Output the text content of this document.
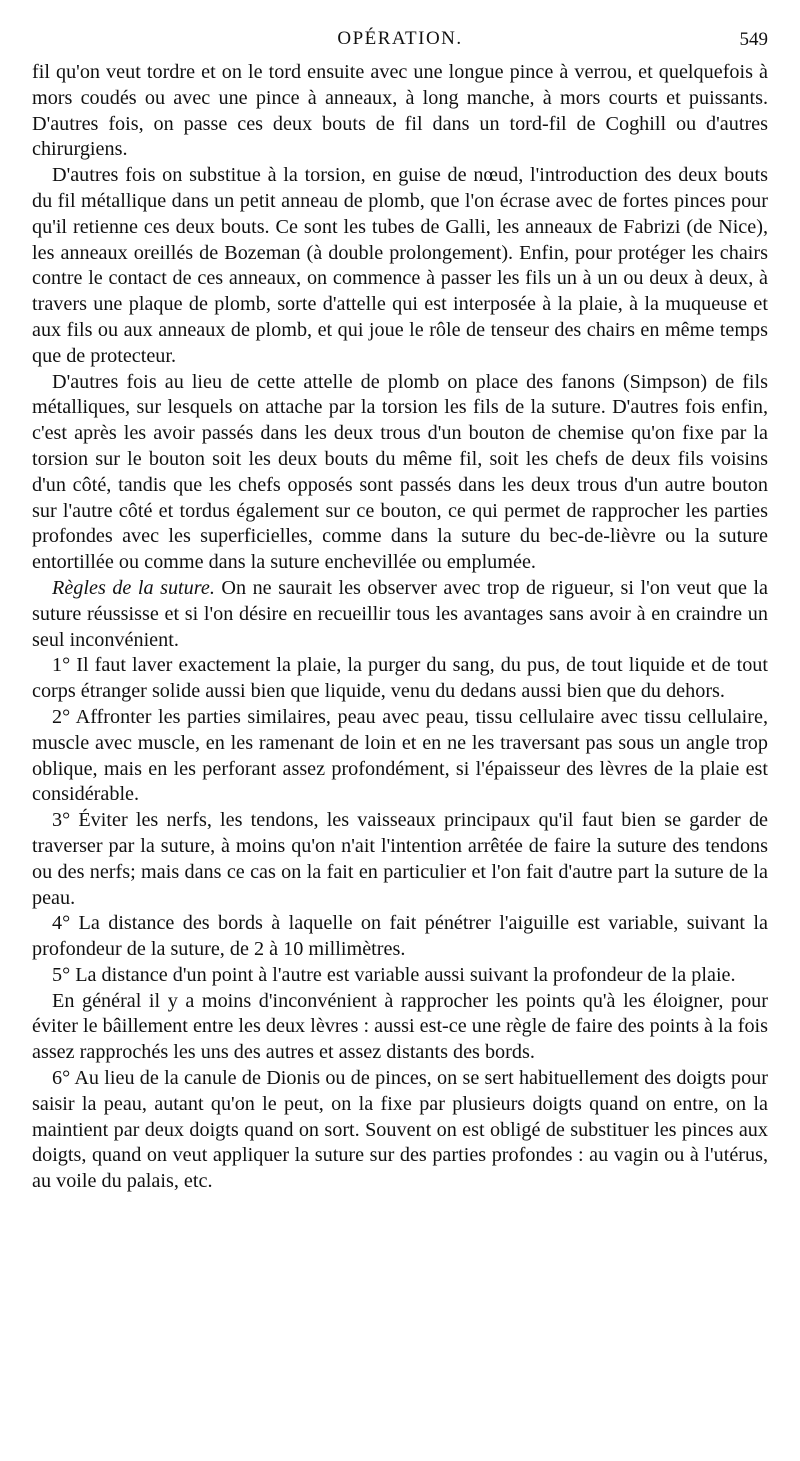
OPÉRATION.	549

fil qu'on veut tordre et on le tord ensuite avec une longue pince à verrou, et quelquefois à mors coudés ou avec une pince à anneaux, à long manche, à mors courts et puissants. D'autres fois, on passe ces deux bouts de fil dans un tord-fil de Coghill ou d'autres chirurgiens.

D'autres fois on substitue à la torsion, en guise de nœud, l'introduction des deux bouts du fil métallique dans un petit anneau de plomb, que l'on écrase avec de fortes pinces pour qu'il retienne ces deux bouts. Ce sont les tubes de Galli, les anneaux de Fabrizi (de Nice), les anneaux oreillés de Bozeman (à double prolongement). Enfin, pour protéger les chairs contre le contact de ces anneaux, on commence à passer les fils un à un ou deux à deux, à travers une plaque de plomb, sorte d'attelle qui est interposée à la plaie, à la muqueuse et aux fils ou aux anneaux de plomb, et qui joue le rôle de tenseur des chairs en même temps que de protecteur.

D'autres fois au lieu de cette attelle de plomb on place des fanons (Simpson) de fils métalliques, sur lesquels on attache par la torsion les fils de la suture. D'autres fois enfin, c'est après les avoir passés dans les deux trous d'un bouton de chemise qu'on fixe par la torsion sur le bouton soit les deux bouts du même fil, soit les chefs de deux fils voisins d'un côté, tandis que les chefs opposés sont passés dans les deux trous d'un autre bouton sur l'autre côté et tordus également sur ce bouton, ce qui permet de rapprocher les parties profondes avec les superficielles, comme dans la suture du bec-de-lièvre ou la suture entortillée ou comme dans la suture enchevillée ou emplumée.

Règles de la suture. On ne saurait les observer avec trop de rigueur, si l'on veut que la suture réussisse et si l'on désire en recueillir tous les avantages sans avoir à en craindre un seul inconvénient.

1° Il faut laver exactement la plaie, la purger du sang, du pus, de tout liquide et de tout corps étranger solide aussi bien que liquide, venu du dedans aussi bien que du dehors.

2° Affronter les parties similaires, peau avec peau, tissu cellulaire avec tissu cellulaire, muscle avec muscle, en les ramenant de loin et en ne les traversant pas sous un angle trop oblique, mais en les perforant assez profondément, si l'épaisseur des lèvres de la plaie est considérable.

3° Éviter les nerfs, les tendons, les vaisseaux principaux qu'il faut bien se garder de traverser par la suture, à moins qu'on n'ait l'intention arrêtée de faire la suture des tendons ou des nerfs; mais dans ce cas on la fait en particulier et l'on fait d'autre part la suture de la peau.

4° La distance des bords à laquelle on fait pénétrer l'aiguille est variable, suivant la profondeur de la suture, de 2 à 10 millimètres.

5° La distance d'un point à l'autre est variable aussi suivant la profondeur de la plaie.

En général il y a moins d'inconvénient à rapprocher les points qu'à les éloigner, pour éviter le bâillement entre les deux lèvres : aussi est-ce une règle de faire des points à la fois assez rapprochés les uns des autres et assez distants des bords.

6° Au lieu de la canule de Dionis ou de pinces, on se sert habituellement des doigts pour saisir la peau, autant qu'on le peut, on la fixe par plusieurs doigts quand on entre, on la maintient par deux doigts quand on sort. Souvent on est obligé de substituer les pinces aux doigts, quand on veut appliquer la suture sur des parties profondes : au vagin ou à l'utérus, au voile du palais, etc.
